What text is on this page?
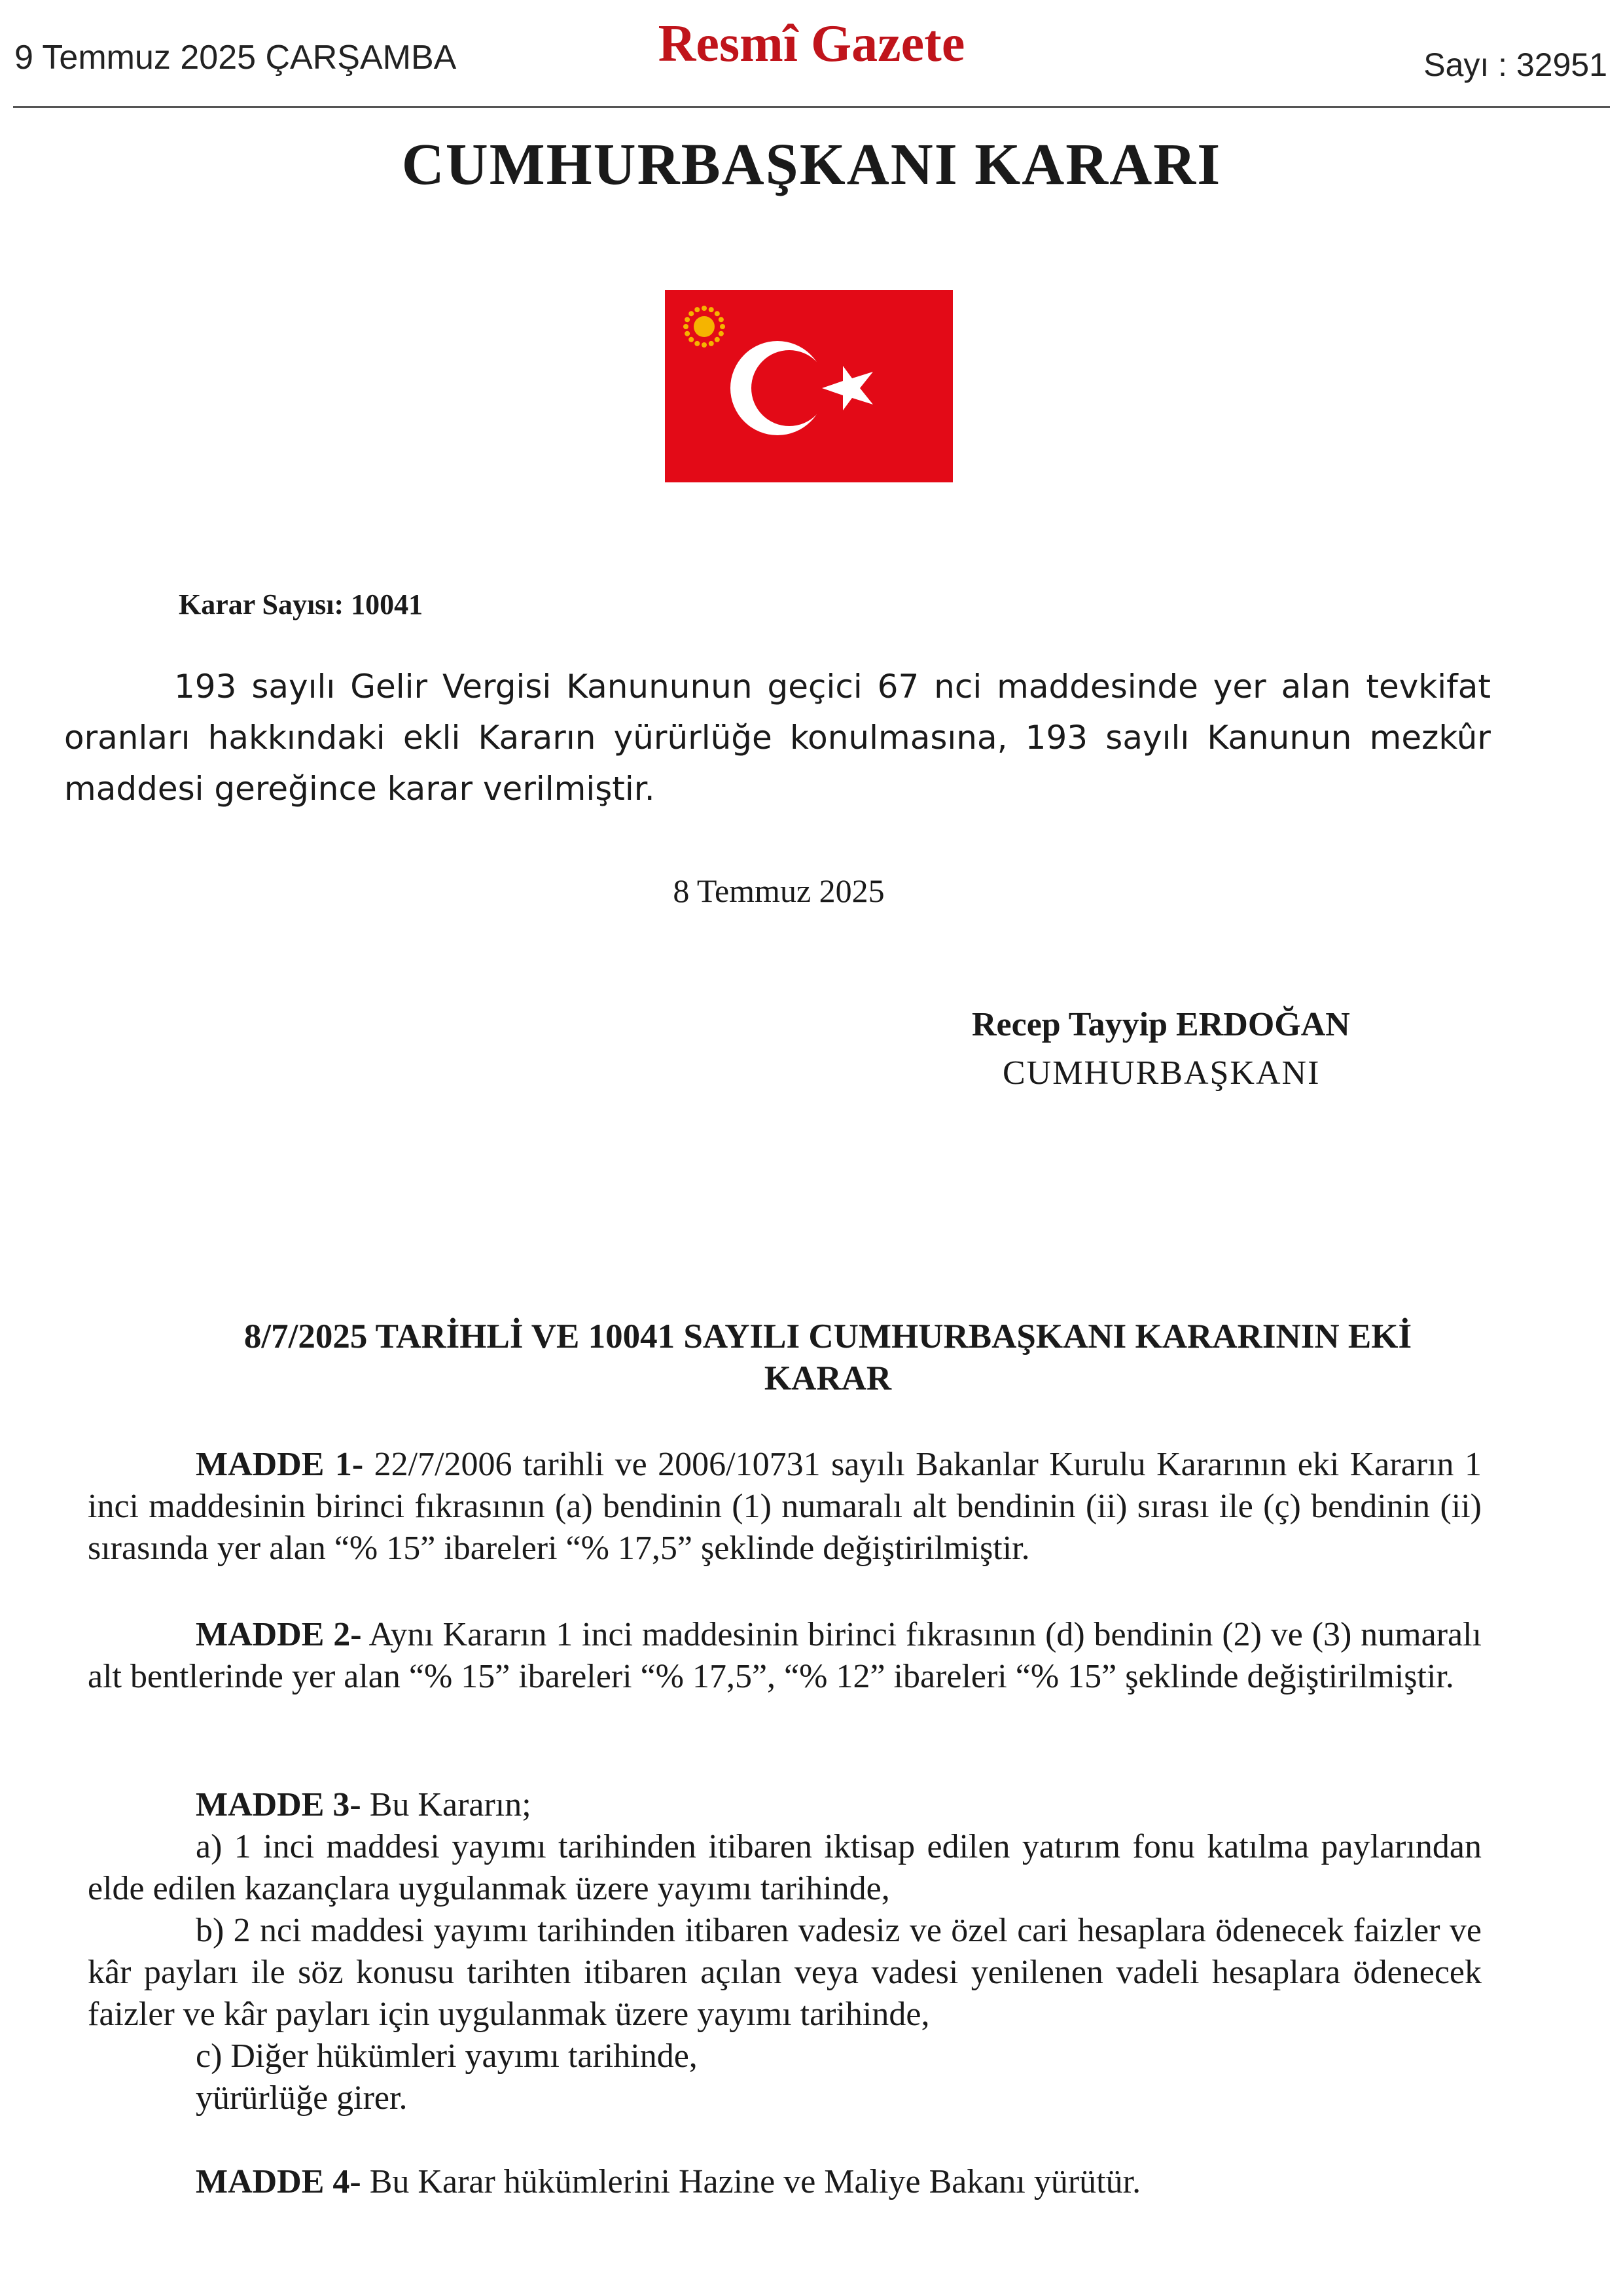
9 Temmuz 2025 ÇARŞAMBA	Resmî Gazete	Sayı : 32951
CUMHURBAŞKANI KARARI
Karar Sayısı: 10041
193 sayılı Gelir Vergisi Kanununun geçici 67 nci maddesinde yer alan tevkifat oranları hakkındaki ekli Kararın yürürlüğe konulmasına, 193 sayılı Kanunun mezkûr maddesi gereğince karar verilmiştir.
8 Temmuz 2025
Recep Tayyip ERDOĞAN
CUMHURBAŞKANI
8/7/2025 TARİHLİ VE 10041 SAYILI CUMHURBAŞKANI KARARININ EKİ
KARAR
MADDE 1- 22/7/2006 tarihli ve 2006/10731 sayılı Bakanlar Kurulu Kararının eki Kararın 1 inci maddesinin birinci fıkrasının (a) bendinin (1) numaralı alt bendinin (ii) sırası ile (ç) bendinin (ii) sırasında yer alan “% 15” ibareleri “% 17,5” şeklinde değiştirilmiştir.
MADDE 2- Aynı Kararın 1 inci maddesinin birinci fıkrasının (d) bendinin (2) ve (3) numaralı alt bentlerinde yer alan “% 15” ibareleri “% 17,5”, “% 12” ibareleri “% 15” şeklinde değiştirilmiştir.
MADDE 3- Bu Kararın;
a) 1 inci maddesi yayımı tarihinden itibaren iktisap edilen yatırım fonu katılma paylarından elde edilen kazançlara uygulanmak üzere yayımı tarihinde,
b) 2 nci maddesi yayımı tarihinden itibaren vadesiz ve özel cari hesaplara ödenecek faizler ve kâr payları ile söz konusu tarihten itibaren açılan veya vadesi yenilenen vadeli hesaplara ödenecek faizler ve kâr payları için uygulanmak üzere yayımı tarihinde,
c) Diğer hükümleri yayımı tarihinde,
yürürlüğe girer.
MADDE 4- Bu Karar hükümlerini Hazine ve Maliye Bakanı yürütür.
